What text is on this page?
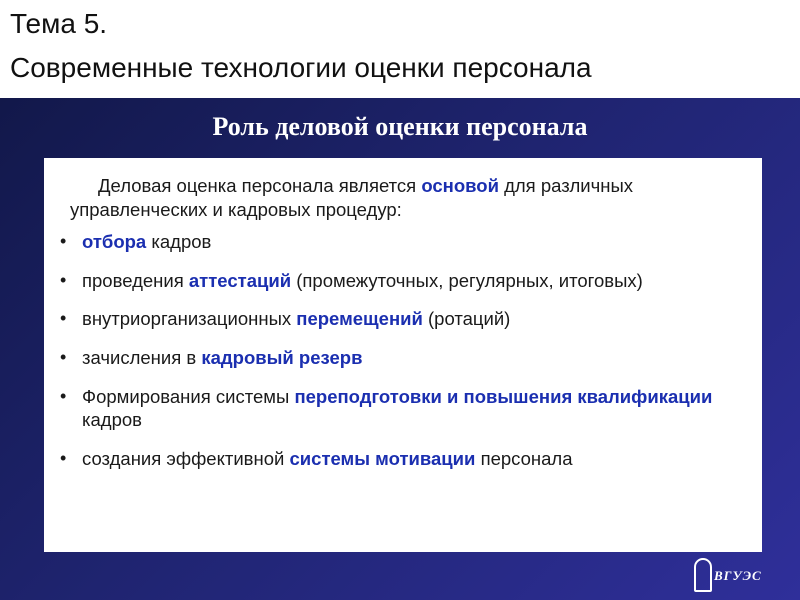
Тема 5.
Современные технологии оценки персонала
Роль деловой оценки персонала

Деловая оценка персонала является основой для различных управленческих и кадровых процедур:

• отбора кадров
• проведения аттестаций (промежуточных, регулярных, итоговых)
• внутриорганизационных перемещений (ротаций)
• зачисления в кадровый резерв
• Формирования системы переподготовки и повышения квалификации кадров
• создания эффективной системы мотивации персонала
ВГУЭС
